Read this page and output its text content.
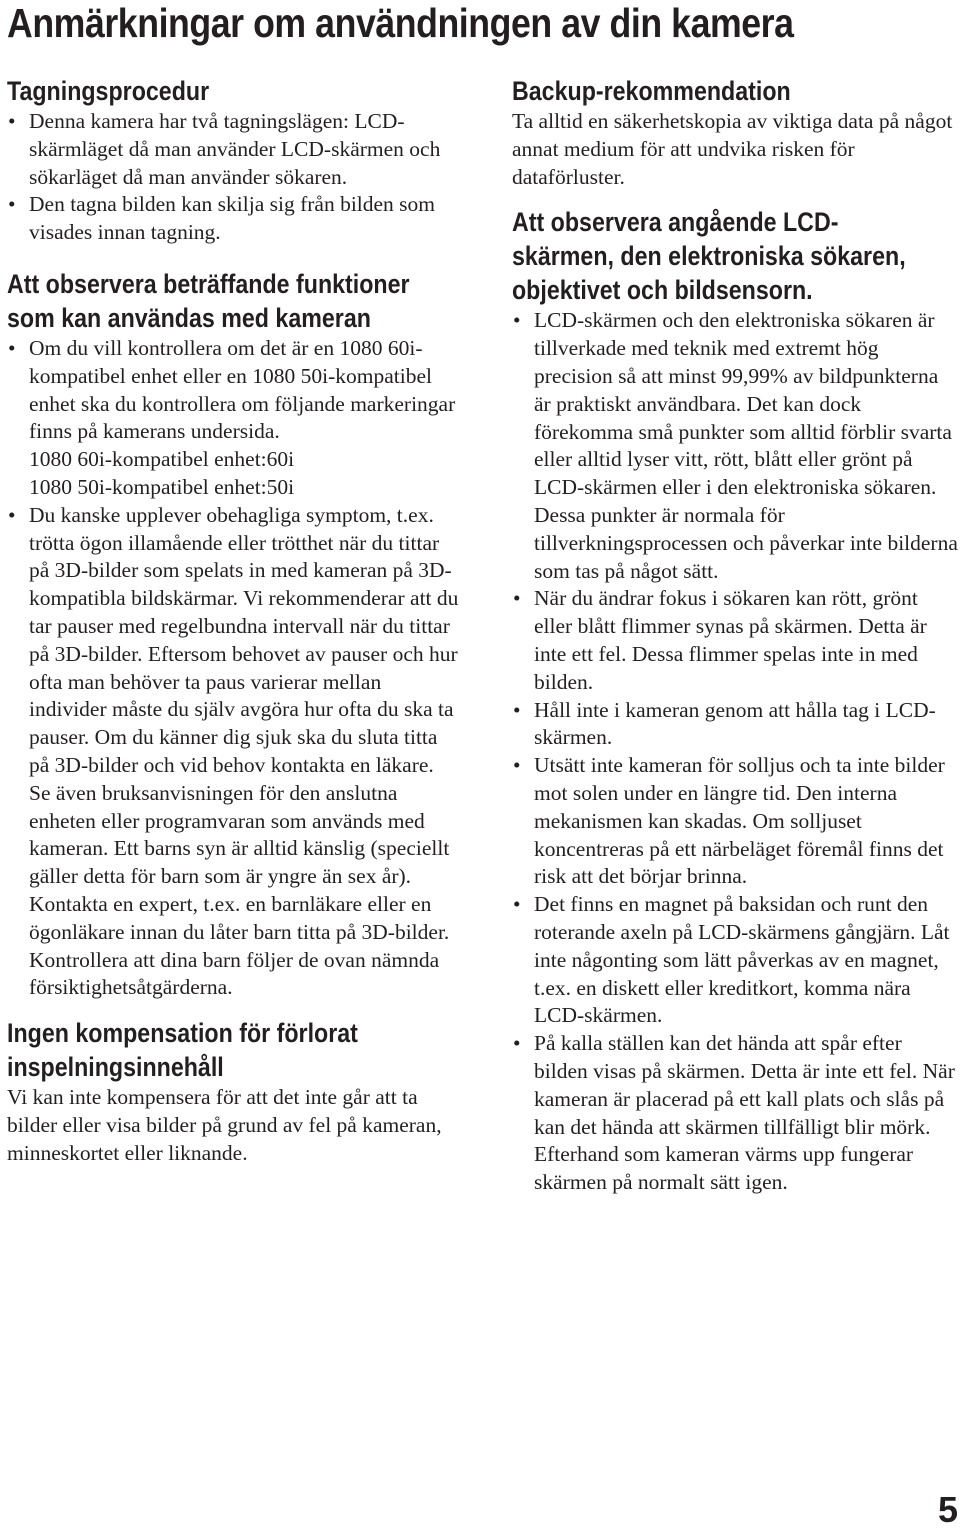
Anmärkningar om användningen av din kamera
Tagningsprocedur
• Denna kamera har två tagningslägen: LCD-skärmläget då man använder LCD-skärmen och sökarläget då man använder sökaren.
• Den tagna bilden kan skilja sig från bilden som visades innan tagning.
Att observera beträffande funktioner
som kan användas med kameran
• Om du vill kontrollera om det är en 1080 60i-kompatibel enhet eller en 1080 50i-kompatibel enhet ska du kontrollera om följande markeringar finns på kamerans undersida.
1080 60i-kompatibel enhet:60i
1080 50i-kompatibel enhet:50i
• Du kanske upplever obehagliga symptom, t.ex. trötta ögon illamående eller trötthet när du tittar på 3D-bilder som spelats in med kameran på 3D-kompatibla bildskärmar. Vi rekommenderar att du tar pauser med regelbundna intervall när du tittar på 3D-bilder. Eftersom behovet av pauser och hur ofta man behöver ta paus varierar mellan individer måste du själv avgöra hur ofta du ska ta pauser. Om du känner dig sjuk ska du sluta titta på 3D-bilder och vid behov kontakta en läkare. Se även bruksanvisningen för den anslutna enheten eller programvaran som används med kameran. Ett barns syn är alltid känslig (speciellt gäller detta för barn som är yngre än sex år). Kontakta en expert, t.ex. en barnläkare eller en ögonläkare innan du låter barn titta på 3D-bilder. Kontrollera att dina barn följer de ovan nämnda försiktighetsåtgärderna.
Ingen kompensation för förlorat
inspelningsinnehåll

Vi kan inte kompensera för att det inte går att ta bilder eller visa bilder på grund av fel på kameran, minneskortet eller liknande.

Backup-rekommendation

Ta alltid en säkerhetskopia av viktiga data på något annat medium för att undvika risken för dataförluster.

Att observera angående LCD-
skärmen, den elektroniska sökaren,
objektivet och bildsensorn.
• LCD-skärmen och den elektroniska sökaren är tillverkade med teknik med extremt hög precision så att minst 99,99% av bildpunkterna är praktiskt användbara. Det kan dock förekomma små punkter som alltid förblir svarta eller alltid lyser vitt, rött, blått eller grönt på LCD-skärmen eller i den elektroniska sökaren. Dessa punkter är normala för tillverkningsprocessen och påverkar inte bilderna som tas på något sätt.
• När du ändrar fokus i sökaren kan rött, grönt eller blått flimmer synas på skärmen. Detta är inte ett fel. Dessa flimmer spelas inte in med bilden.
• Håll inte i kameran genom att hålla tag i LCD-skärmen.
• Utsätt inte kameran för solljus och ta inte bilder mot solen under en längre tid. Den interna mekanismen kan skadas. Om solljuset koncentreras på ett närbeläget föremål finns det risk att det börjar brinna.
• Det finns en magnet på baksidan och runt den roterande axeln på LCD-skärmens gångjärn. Låt inte någonting som lätt påverkas av en magnet, t.ex. en diskett eller kreditkort, komma nära LCD-skärmen.
• På kalla ställen kan det hända att spår efter bilden visas på skärmen. Detta är inte ett fel. När kameran är placerad på ett kall plats och slås på kan det hända att skärmen tillfälligt blir mörk. Efterhand som kameran värms upp fungerar skärmen på normalt sätt igen.
5
